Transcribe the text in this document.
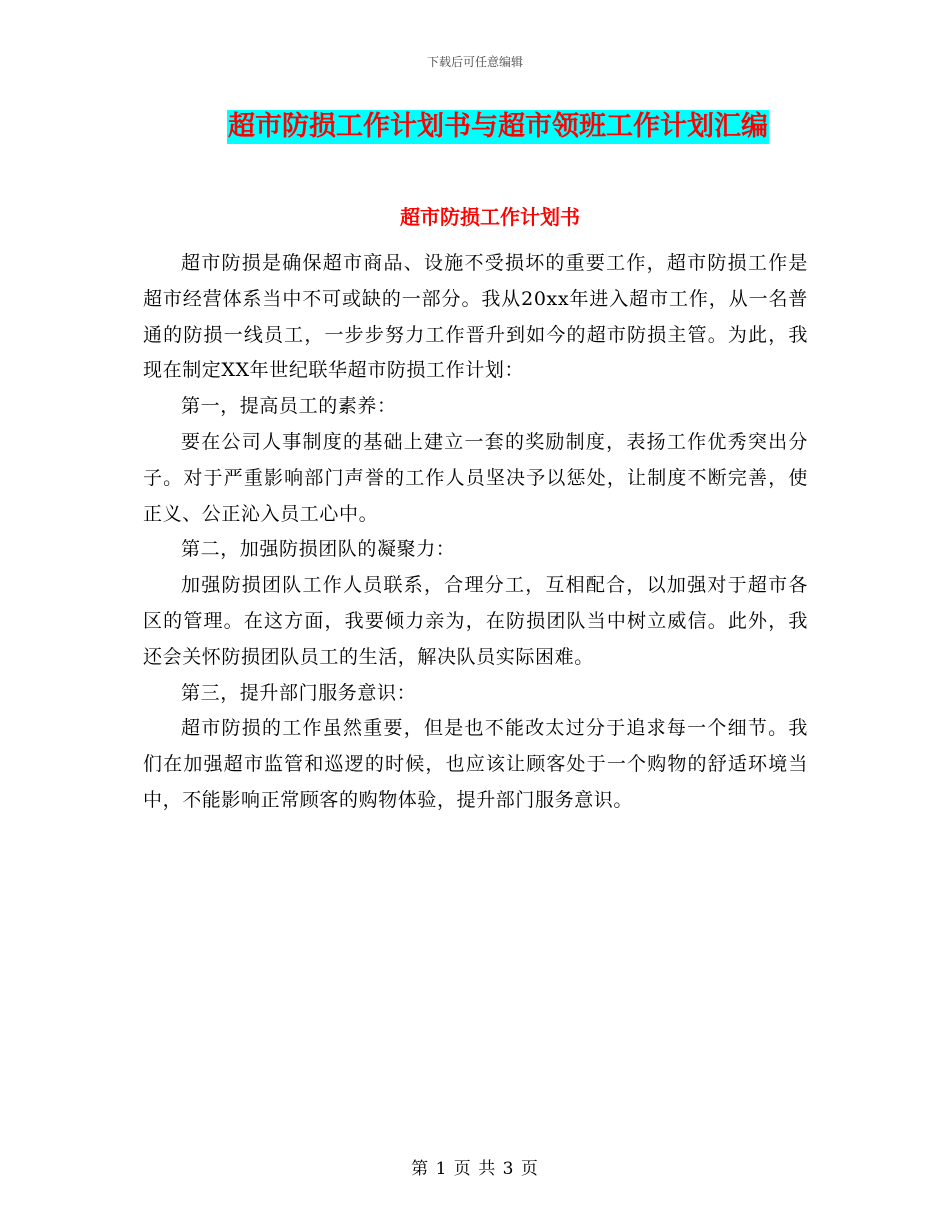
下载后可任意编辑
超市防损工作计划书与超市领班工作计划汇编
超市防损工作计划书

超市防损是确保超市商品、设施不受损坏的重要工作，超市防损工作是超市经营体系当中不可或缺的一部分。我从20xx年进入超市工作，从一名普通的防损一线员工，一步步努力工作晋升到如今的超市防损主管。为此，我现在制定XX年世纪联华超市防损工作计划：

第一，提高员工的素养：

要在公司人事制度的基础上建立一套的奖励制度，表扬工作优秀突出分子。对于严重影响部门声誉的工作人员坚决予以惩处，让制度不断完善，使正义、公正沁入员工心中。

第二，加强防损团队的凝聚力：

加强防损团队工作人员联系，合理分工，互相配合，以加强对于超市各区的管理。在这方面，我要倾力亲为，在防损团队当中树立威信。此外，我还会关怀防损团队员工的生活，解决队员实际困难。

第三，提升部门服务意识：

超市防损的工作虽然重要，但是也不能改太过分于追求每一个细节。我们在加强超市监管和巡逻的时候，也应该让顾客处于一个购物的舒适环境当中，不能影响正常顾客的购物体验，提升部门服务意识。

第 1 页 共 3 页
